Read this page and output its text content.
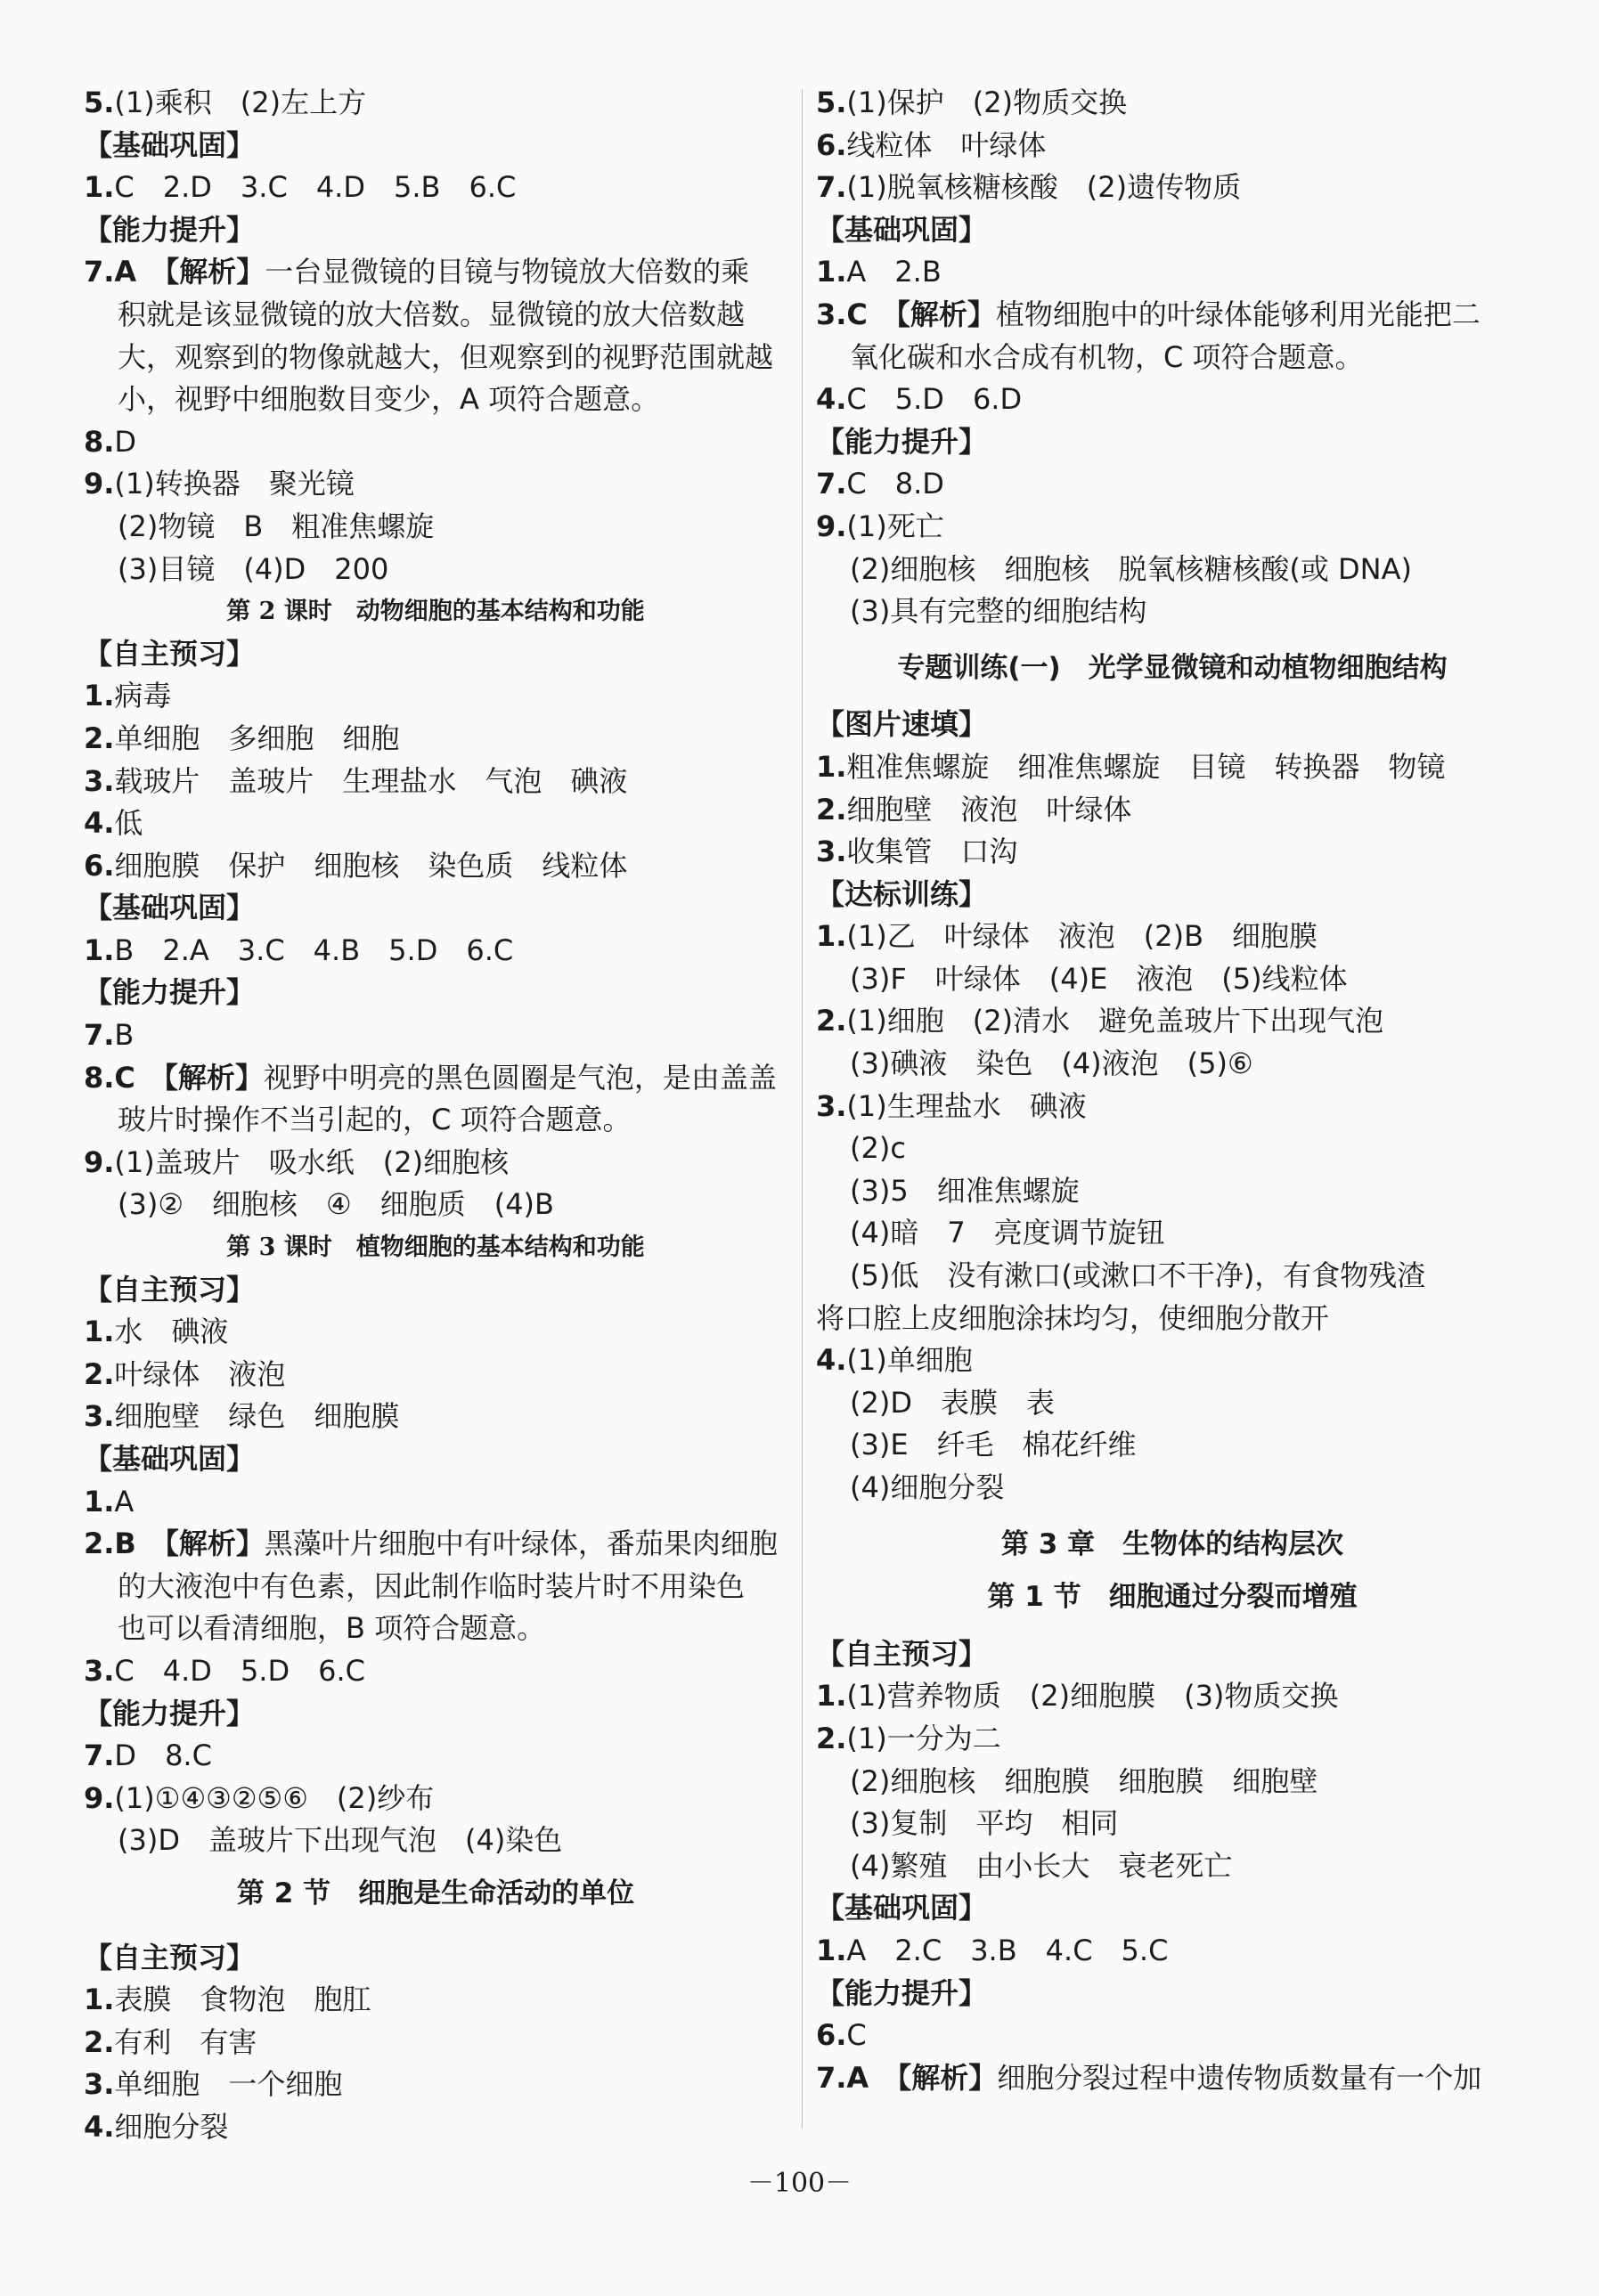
5.(1)乘积　(2)左上方
【基础巩固】
1.C　2.D　3.C　4.D　5.B　6.C
【能力提升】
7.A　【解析】一台显微镜的目镜与物镜放大倍数的乘
积就是该显微镜的放大倍数。显微镜的放大倍数越
大，观察到的物像就越大，但观察到的视野范围就越
小，视野中细胞数目变少，A 项符合题意。
8.D
9.(1)转换器　聚光镜
(2)物镜　B　粗准焦螺旋
(3)目镜　(4)D　200
第 2 课时　动物细胞的基本结构和功能
【自主预习】
1.病毒
2.单细胞　多细胞　细胞
3.载玻片　盖玻片　生理盐水　气泡　碘液
4.低
6.细胞膜　保护　细胞核　染色质　线粒体
【基础巩固】
1.B　2.A　3.C　4.B　5.D　6.C
【能力提升】
7.B
8.C　【解析】视野中明亮的黑色圆圈是气泡，是由盖盖
玻片时操作不当引起的，C 项符合题意。
9.(1)盖玻片　吸水纸　(2)细胞核
(3)②　细胞核　④　细胞质　(4)B
第 3 课时　植物细胞的基本结构和功能
【自主预习】
1.水　碘液
2.叶绿体　液泡
3.细胞壁　绿色　细胞膜
【基础巩固】
1.A
2.B　【解析】黑藻叶片细胞中有叶绿体，番茄果肉细胞
的大液泡中有色素，因此制作临时装片时不用染色
也可以看清细胞，B 项符合题意。
3.C　4.D　5.D　6.C
【能力提升】
7.D　8.C
9.(1)①④③②⑤⑥　(2)纱布
(3)D　盖玻片下出现气泡　(4)染色
第 2 节　细胞是生命活动的单位
【自主预习】
1.表膜　食物泡　胞肛
2.有利　有害
3.单细胞　一个细胞
4.细胞分裂
5.(1)保护　(2)物质交换
6.线粒体　叶绿体
7.(1)脱氧核糖核酸　(2)遗传物质
【基础巩固】
1.A　2.B
3.C　【解析】植物细胞中的叶绿体能够利用光能把二
氧化碳和水合成有机物，C 项符合题意。
4.C　5.D　6.D
【能力提升】
7.C　8.D
9.(1)死亡
(2)细胞核　细胞核　脱氧核糖核酸(或 DNA)
(3)具有完整的细胞结构
专题训练(一)　光学显微镜和动植物细胞结构
【图片速填】
1.粗准焦螺旋　细准焦螺旋　目镜　转换器　物镜
2.细胞壁　液泡　叶绿体
3.收集管　口沟
【达标训练】
1.(1)乙　叶绿体　液泡　(2)B　细胞膜
(3)F　叶绿体　(4)E　液泡　(5)线粒体
2.(1)细胞　(2)清水　避免盖玻片下出现气泡
(3)碘液　染色　(4)液泡　(5)⑥
3.(1)生理盐水　碘液
(2)c
(3)5　细准焦螺旋
(4)暗　7　亮度调节旋钮
(5)低　没有漱口(或漱口不干净)，有食物残渣
将口腔上皮细胞涂抹均匀，使细胞分散开
4.(1)单细胞
(2)D　表膜　表
(3)E　纤毛　棉花纤维
(4)细胞分裂
第 3 章　生物体的结构层次
第 1 节　细胞通过分裂而增殖
【自主预习】
1.(1)营养物质　(2)细胞膜　(3)物质交换
2.(1)一分为二
(2)细胞核　细胞膜　细胞膜　细胞壁
(3)复制　平均　相同
(4)繁殖　由小长大　衰老死亡
【基础巩固】
1.A　2.C　3.B　4.C　5.C
【能力提升】
6.C
7.A　【解析】细胞分裂过程中遗传物质数量有一个加
－100－
